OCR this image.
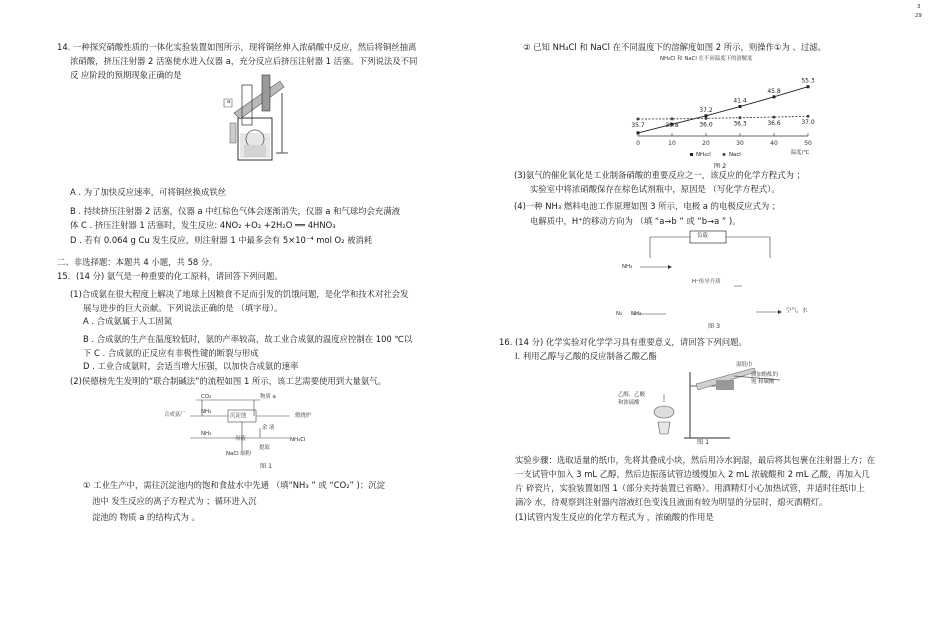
3
29
14. 一种探究硝酸性质的一体化实验装置如图所示，现将铜丝伸入浓硝酸中反应，然后将铜丝抽离
浓硝酸，挤压注射器 2 活塞使水进入仪器 a，充分反应后挤压注射器 1 活塞。下列说法及不同
反 应阶段的预期现象正确的是
a
A . 为了加快反应速率，可将铜丝换成铁丝
B . 持续挤压注射器 2 活塞，仪器 a 中红棕色气体会逐渐消失，仪器 a 和气球均会充满液
体 C . 挤压注射器 1 活塞时，发生反应: 4NO₂ +O₂ +2H₂O ══ 4HNO₃
D . 若有 0.064 g Cu 发生反应，则注射器 1 中最多会有 5×10⁻⁴ mol O₂ 被消耗
二、非选择题：本题共 4 小题，共 58 分。
15．(14 分) 氨气是一种重要的化工原料，请回答下列问题。
(1)合成氨在很大程度上解决了地球上因粮食不足而引发的饥饿问题，是化学和技术对社会发
展与进步的巨大贡献。下列说法正确的是 （填字母）。
A . 合成氨属于人工固氮
B . 合成氨的生产在温度较低时，氨的产率较高，故工业合成氨的温度应控制在 100 ℃以
下 C . 合成氨的正反应有非极性键的断裂与形成
D . 工业合成氨时，会适当增大压强，以加快合成氨的速率
(2)侯德榜先生发明的“联合制碱法”的流程如图 1 所示，该工艺需要使用到大量氨气。
CO₂	物质 a
合成氨厂	NH₃
沉淀池	煅烧炉
余 液
NH₃
母液	NH₄Cl
提取
NaCl 细粉
图 1
① 工业生产中，需往沉淀池内的饱和食盐水中先通 （填“NH₃ ” 或 “CO₂” )；沉淀
池中 发生反应的离子方程式为 ；循环进入沉
淀池的 物质 a 的结构式为 。
② 已知 NH₄Cl 和 NaCl 在不同温度下的溶解度如图 2 所示，则操作①为 、过滤。
NH₄Cl 和 NaCl 在不同温度下的溶解度
0	10	20	30	40	50
温度/℃
37.2
41.4
45.8
55.3
35.7	35.8	36.0	36.3	36.6	37.0
NH₄cl	Nacl
图 2
(3)氨气的催化氧化是工业制备硝酸的重要反应之一，该反应的化学方程式为 ；
实验室中将浓硝酸保存在棕色试剂瓶中，原因是 （写化学方程式）。
(4)一种 NH₃ 燃料电池工作原理如图 3 所示，电极 a 的电极反应式为 ；
电解质中，H⁺的移动方向为 （填 “a→b ” 或 “b→a ” )。
负载
NH₃
H⁺传导介质
N₂ NH₃	空气，水
图 3
16. (14 分) 化学实验对化学学习具有重要意义，请回答下列问题。
Ⅰ. 利用乙醇与乙酸的反应制备乙酸乙酯
湿纸巾
滴加酚酞的
饱 和碳酸
乙醇、乙酸
和浓硫酸
图 1
实验步骤：选取适量的纸巾，先将其叠成小块，然后用冷水润湿，最后将其包裹在注射器上方；在
一支试管中加入 3 mL 乙醇，然后边振荡试管边缓慢加入 2 mL 浓硫酸和 2 mL 乙酸，再加入几
片 碎瓷片，实验装置如图 1（部分夹持装置已省略）。用酒精灯小心加热试管，并适时往纸巾上
滴冷 水，待观察到注射器内溶液红色变浅且液面有较为明显的分层时，熄灭酒精灯。
(1)试管内发生反应的化学方程式为 ，浓硫酸的作用是
